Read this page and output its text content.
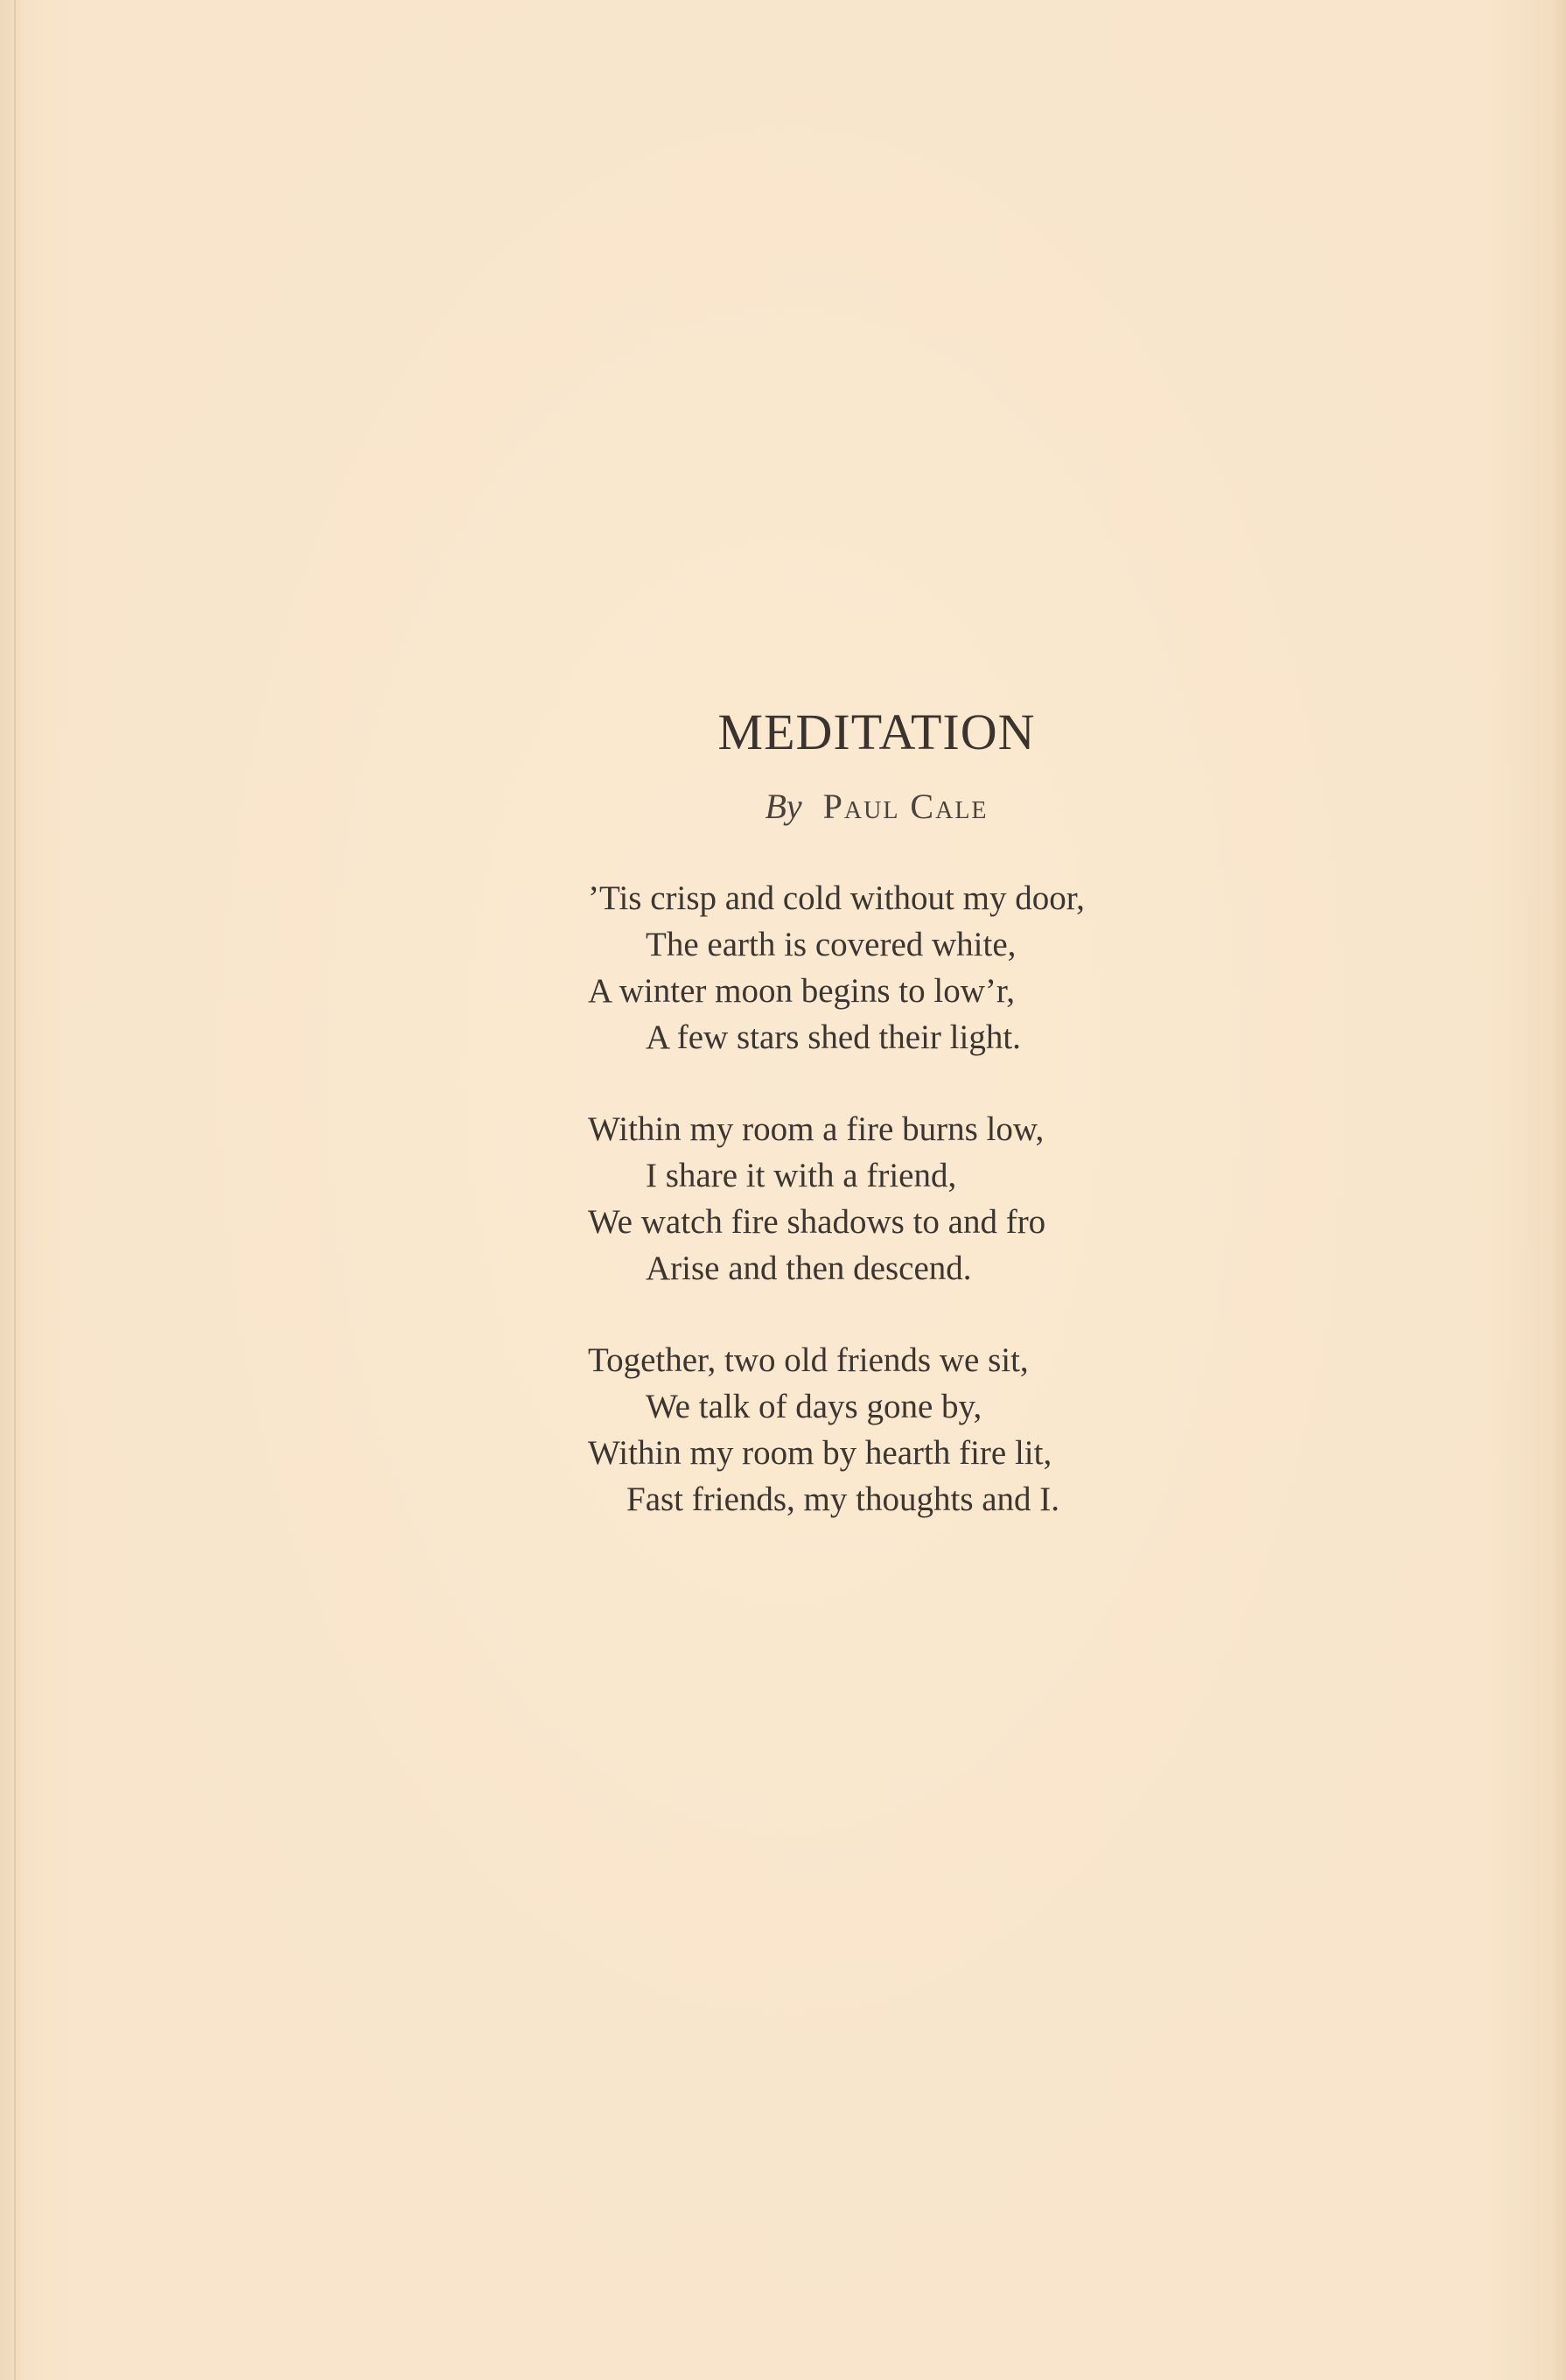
MEDITATION
By Paul Cale
’Tis crisp and cold without my door,
The earth is covered white,
A winter moon begins to low’r,
A few stars shed their light.
Within my room a fire burns low,
I share it with a friend,
We watch fire shadows to and fro
Arise and then descend.
Together, two old friends we sit,
We talk of days gone by,
Within my room by hearth fire lit,
Fast friends, my thoughts and I.
